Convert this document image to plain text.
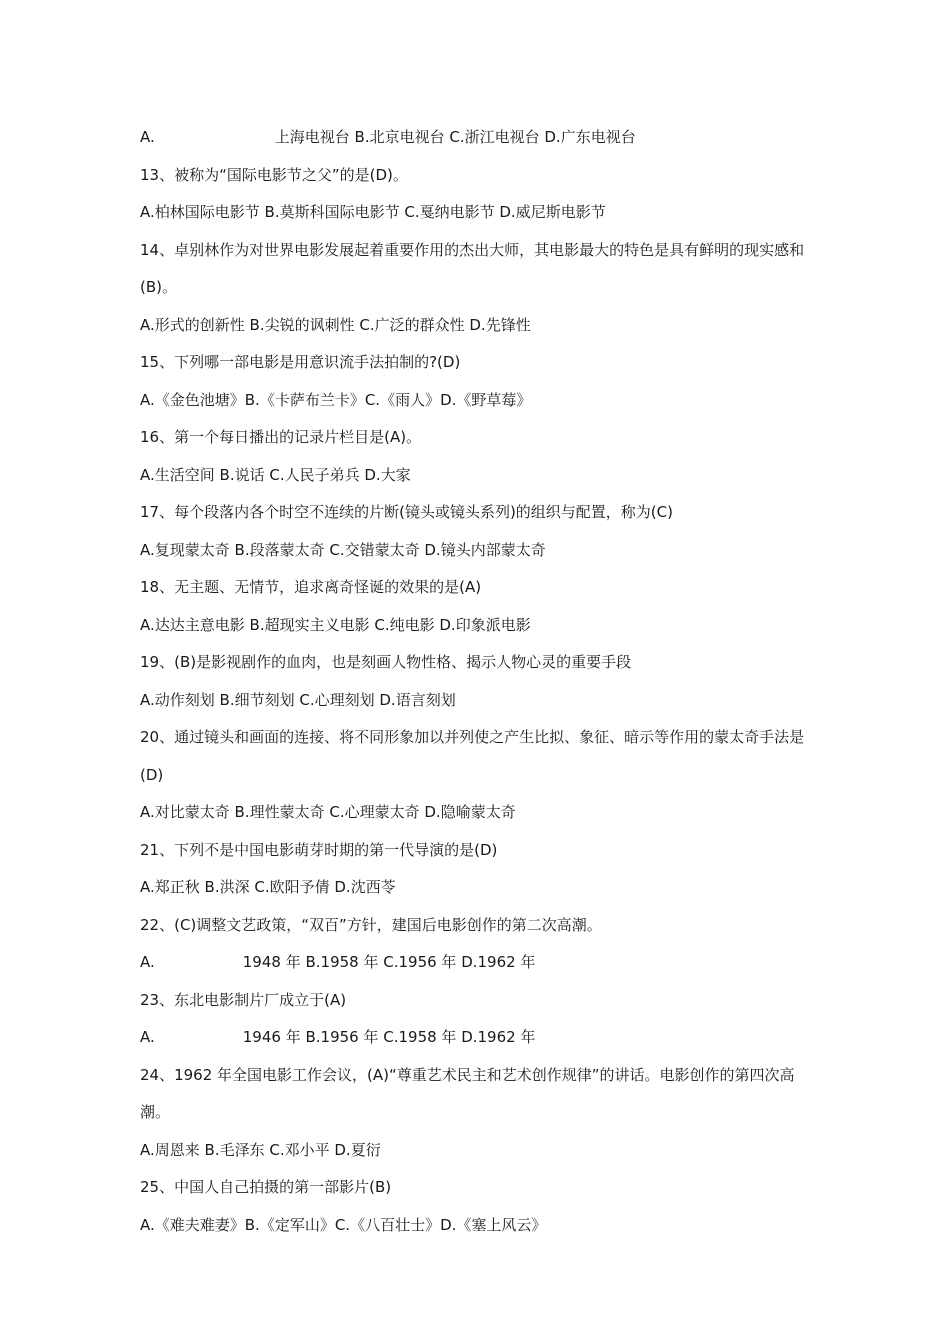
A.	上海电视台 B.北京电视台 C.浙江电视台 D.广东电视台
13、被称为“国际电影节之父”的是(D)。
A.柏林国际电影节 B.莫斯科国际电影节 C.戛纳电影节 D.威尼斯电影节
14、卓别林作为对世界电影发展起着重要作用的杰出大师，其电影最大的特色是具有鲜明的现实感和(B)。
A.形式的创新性 B.尖锐的讽刺性 C.广泛的群众性 D.先锋性
15、下列哪一部电影是用意识流手法拍制的?(D)
A.《金色池塘》B.《卡萨布兰卡》C.《雨人》D.《野草莓》
16、第一个每日播出的记录片栏目是(A)。
A.生活空间 B.说话 C.人民子弟兵 D.大家
17、每个段落内各个时空不连续的片断(镜头或镜头系列)的组织与配置，称为(C)
A.复现蒙太奇 B.段落蒙太奇 C.交错蒙太奇 D.镜头内部蒙太奇
18、无主题、无情节，追求离奇怪诞的效果的是(A)
A.达达主意电影 B.超现实主义电影 C.纯电影 D.印象派电影
19、(B)是影视剧作的血肉，也是刻画人物性格、揭示人物心灵的重要手段
A.动作刻划 B.细节刻划 C.心理刻划 D.语言刻划
20、通过镜头和画面的连接、将不同形象加以并列使之产生比拟、象征、暗示等作用的蒙太奇手法是(D)
A.对比蒙太奇 B.理性蒙太奇 C.心理蒙太奇 D.隐喻蒙太奇
21、下列不是中国电影萌芽时期的第一代导演的是(D)
A.郑正秋 B.洪深 C.欧阳予倩 D.沈西苓
22、(C)调整文艺政策，“双百”方针，建国后电影创作的第二次高潮。
A.	1948 年 B.1958 年 C.1956 年 D.1962 年
23、东北电影制片厂成立于(A)
A.	1946 年 B.1956 年 C.1958 年 D.1962 年
24、1962 年全国电影工作会议，(A)“尊重艺术民主和艺术创作规律”的讲话。电影创作的第四次高潮。
A.周恩来 B.毛泽东 C.邓小平 D.夏衍
25、中国人自己拍摄的第一部影片(B)
A.《难夫难妻》B.《定军山》C.《八百壮士》D.《塞上风云》
